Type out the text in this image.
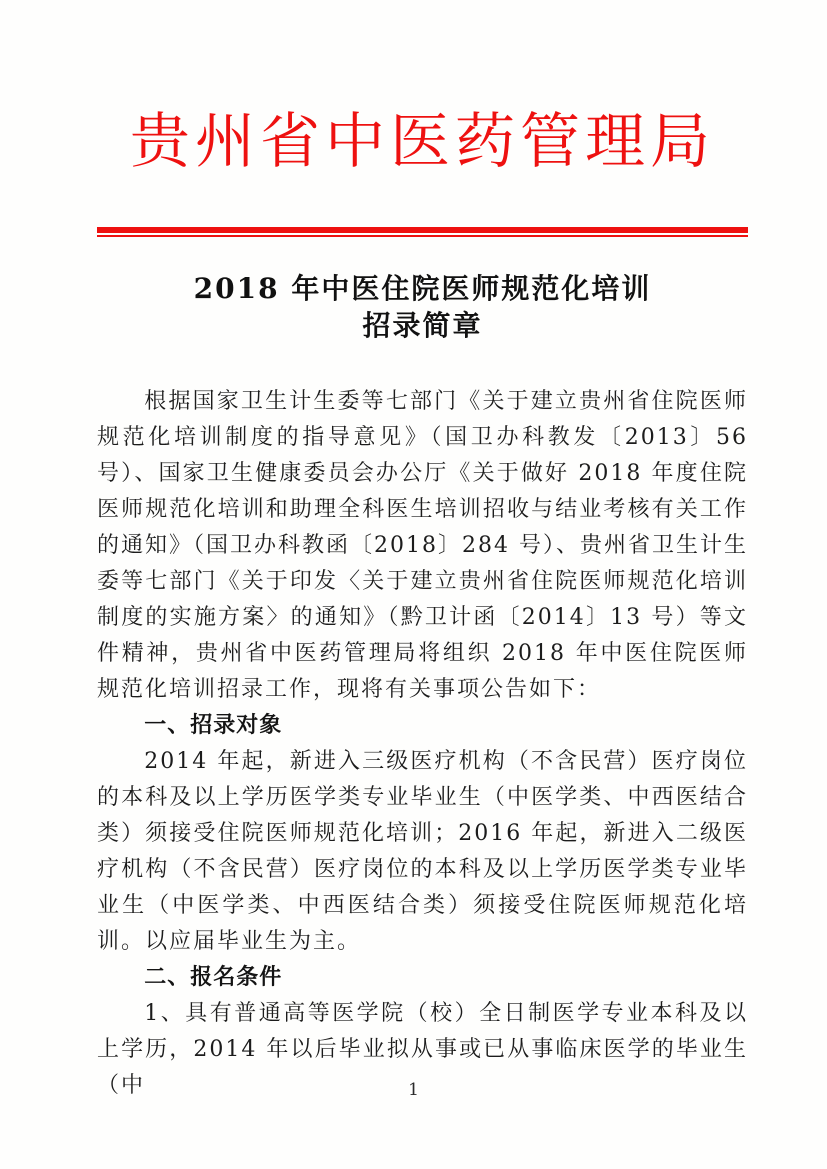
贵州省中医药管理局
2018 年中医住院医师规范化培训
招录简章

根据国家卫生计生委等七部门《关于建立贵州省住院医师规范化培训制度的指导意见》（国卫办科教发〔2013〕56 号）、国家卫生健康委员会办公厅《关于做好 2018 年度住院医师规范化培训和助理全科医生培训招收与结业考核有关工作的通知》（国卫办科教函〔2018〕284 号）、贵州省卫生计生委等七部门《关于印发〈关于建立贵州省住院医师规范化培训制度的实施方案〉的通知》（黔卫计函〔2014〕13 号）等文件精神，贵州省中医药管理局将组织 2018 年中医住院医师规范化培训招录工作，现将有关事项公告如下：

一、招录对象

2014 年起，新进入三级医疗机构（不含民营）医疗岗位的本科及以上学历医学类专业毕业生（中医学类、中西医结合类）须接受住院医师规范化培训；2016 年起，新进入二级医疗机构（不含民营）医疗岗位的本科及以上学历医学类专业毕业生（中医学类、中西医结合类）须接受住院医师规范化培训。以应届毕业生为主。

二、报名条件

1、具有普通高等医学院（校）全日制医学专业本科及以上学历，2014 年以后毕业拟从事或已从事临床医学的毕业生（中	1
